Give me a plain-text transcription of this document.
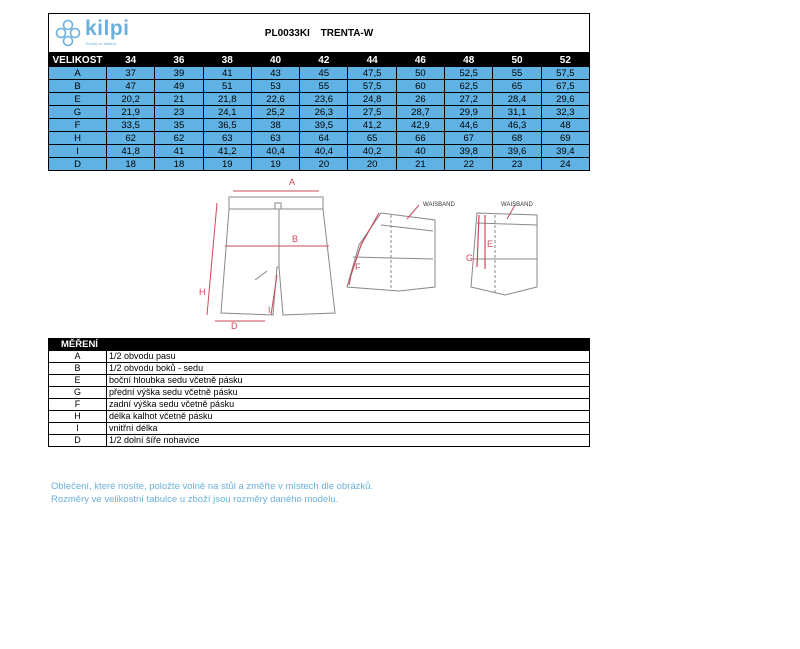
kilpi
Trendy ve fashion
PL0033KI TRENTA-W
VELIKOST	34	36	38	40	42	44	46	48	50	52
A	37	39	41	43	45	47,5	50	52,5	55	57,5
B	47	49	51	53	55	57,5	60	62,5	65	67,5
E	20,2	21	21,8	22,6	23,6	24,8	26	27,2	28,4	29,6
G	21,9	23	24,1	25,2	26,3	27,5	28,7	29,9	31,1	32,3
F	33,5	35	36,5	38	39,5	41,2	42,9	44,6	46,3	48
H	62	62	63	63	64	65	66	67	68	69
I	41,8	41	41,2	40,4	40,4	40,2	40	39,8	39,6	39,4
D	18	18	19	19	20	20	21	22	23	24
A
B
H
D
I
F
WAISBAND
E
G
WAISBAND
MĚŘENÍ	
A	1/2 obvodu pasu
B	1/2 obvodu boků - sedu
E	boční hloubka sedu včetně pásku
G	přední výška sedu včetně pásku
F	zadní výška sedu včetně pásku
H	délka kalhot včetně pásku
I	vnitřní délka
D	1/2 dolní šíře nohavice
Oblečení, které nosíte, položte volně na stůl a změřte v místech dle obrázků.
Rozměry ve velikostní tabulce u zboží jsou rozměry daného modelu.
